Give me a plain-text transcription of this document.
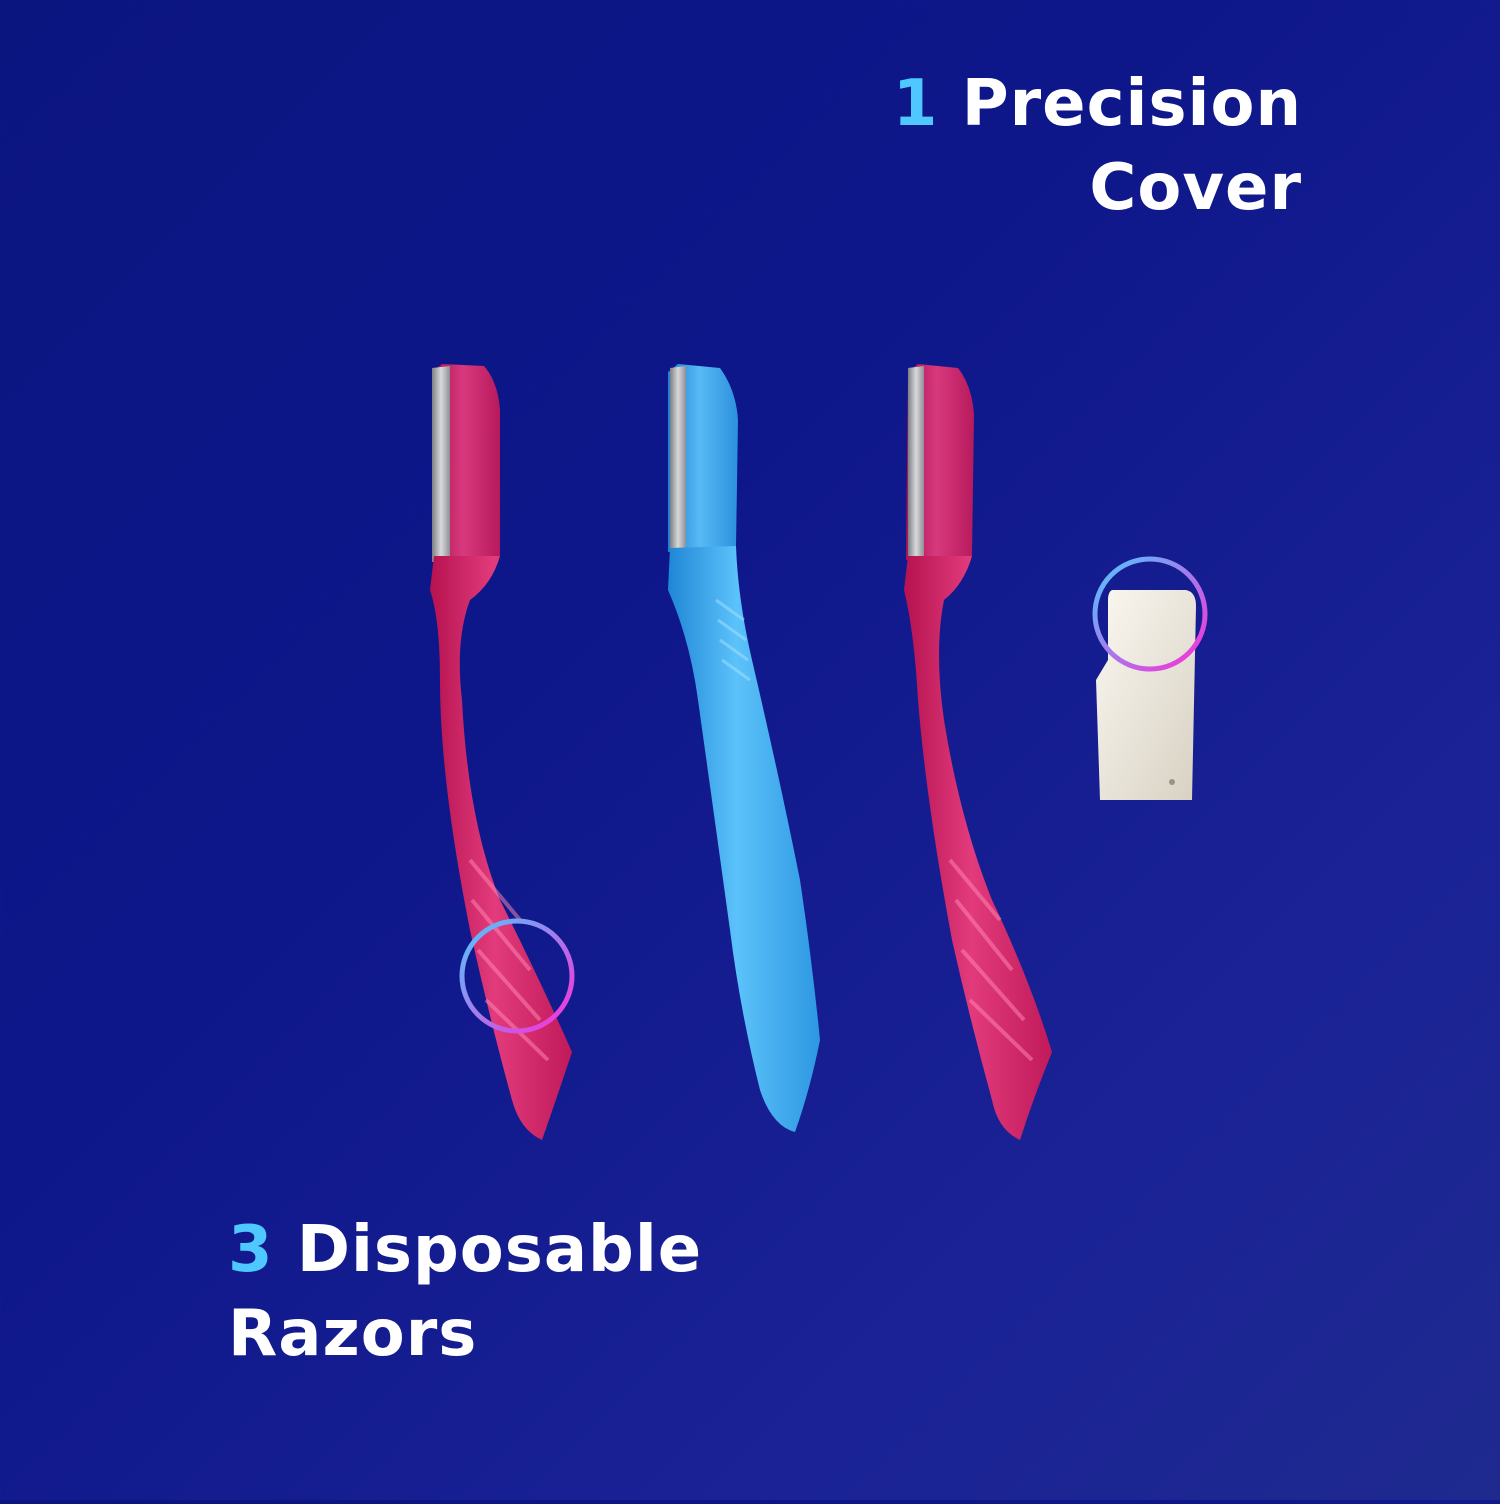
1 Precision
Cover
3 Disposable
Razors
